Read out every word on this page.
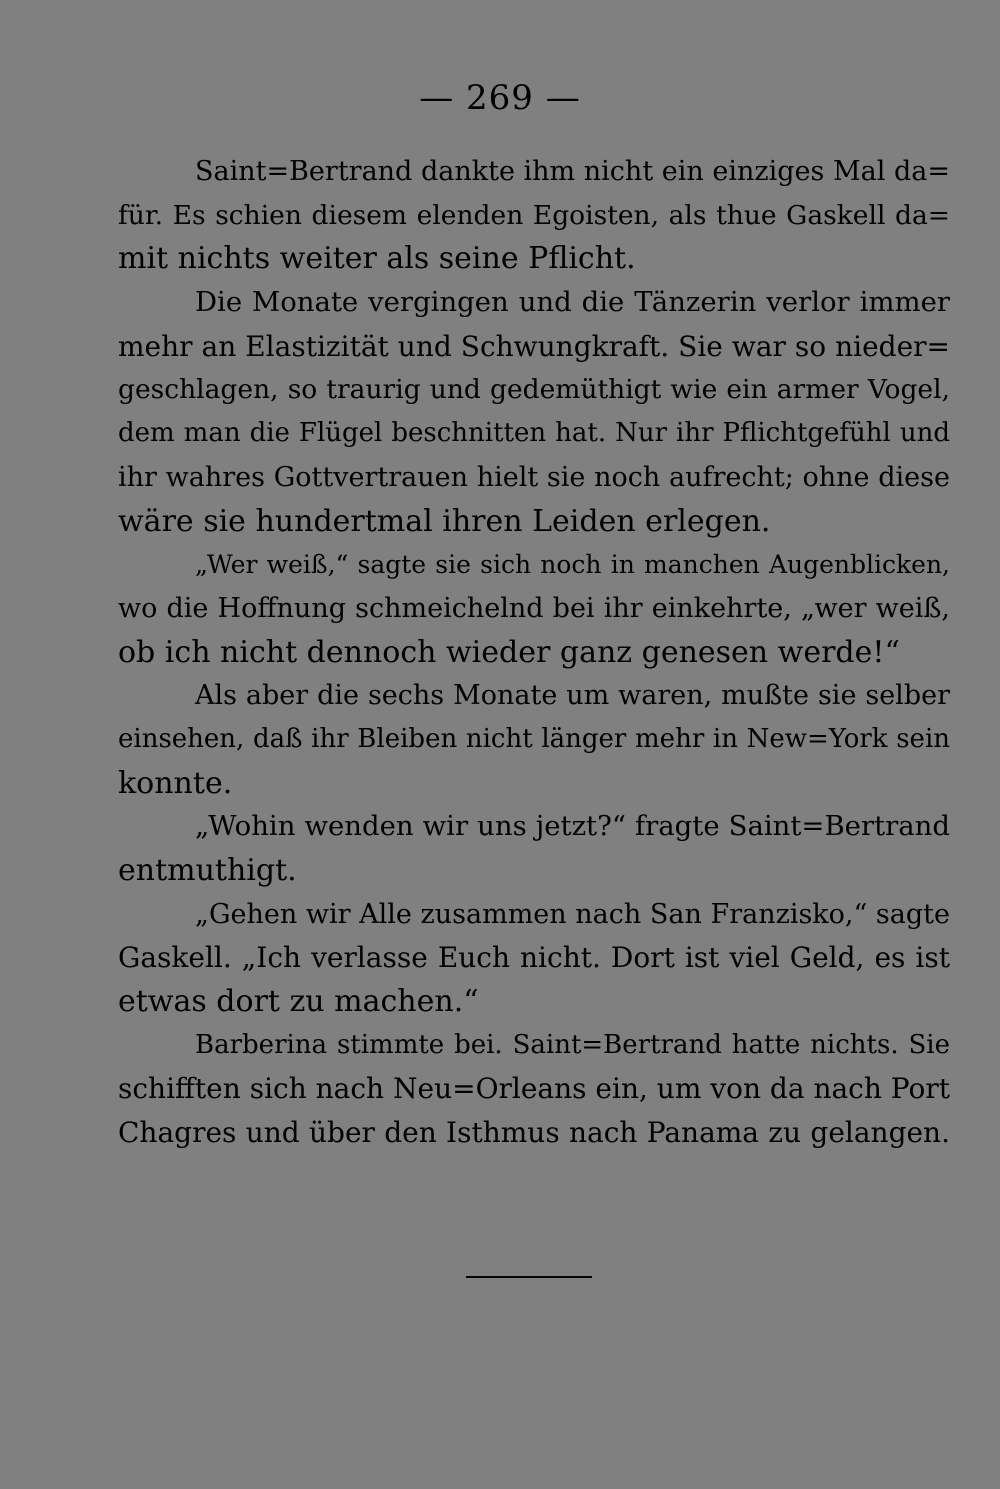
— 269 —
Saint=Bertrand dankte ihm nicht ein einziges Mal da=
für. Es schien diesem elenden Egoisten, als thue Gaskell da=
mit nichts weiter als seine Pflicht.
Die Monate vergingen und die Tänzerin verlor immer
mehr an Elastizität und Schwungkraft. Sie war so nieder=
geschlagen, so traurig und gedemüthigt wie ein armer Vogel,
dem man die Flügel beschnitten hat. Nur ihr Pflichtgefühl und
ihr wahres Gottvertrauen hielt sie noch aufrecht; ohne diese
wäre sie hundertmal ihren Leiden erlegen.
„Wer weiß,“ sagte sie sich noch in manchen Augenblicken,
wo die Hoffnung schmeichelnd bei ihr einkehrte, „wer weiß,
ob ich nicht dennoch wieder ganz genesen werde!“
Als aber die sechs Monate um waren, mußte sie selber
einsehen, daß ihr Bleiben nicht länger mehr in New=York sein
konnte.
„Wohin wenden wir uns jetzt?“ fragte Saint=Bertrand
entmuthigt.
„Gehen wir Alle zusammen nach San Franzisko,“ sagte
Gaskell. „Ich verlasse Euch nicht. Dort ist viel Geld, es ist
etwas dort zu machen.“
Barberina stimmte bei. Saint=Bertrand hatte nichts. Sie
schifften sich nach Neu=Orleans ein, um von da nach Port
Chagres und über den Isthmus nach Panama zu gelangen.
